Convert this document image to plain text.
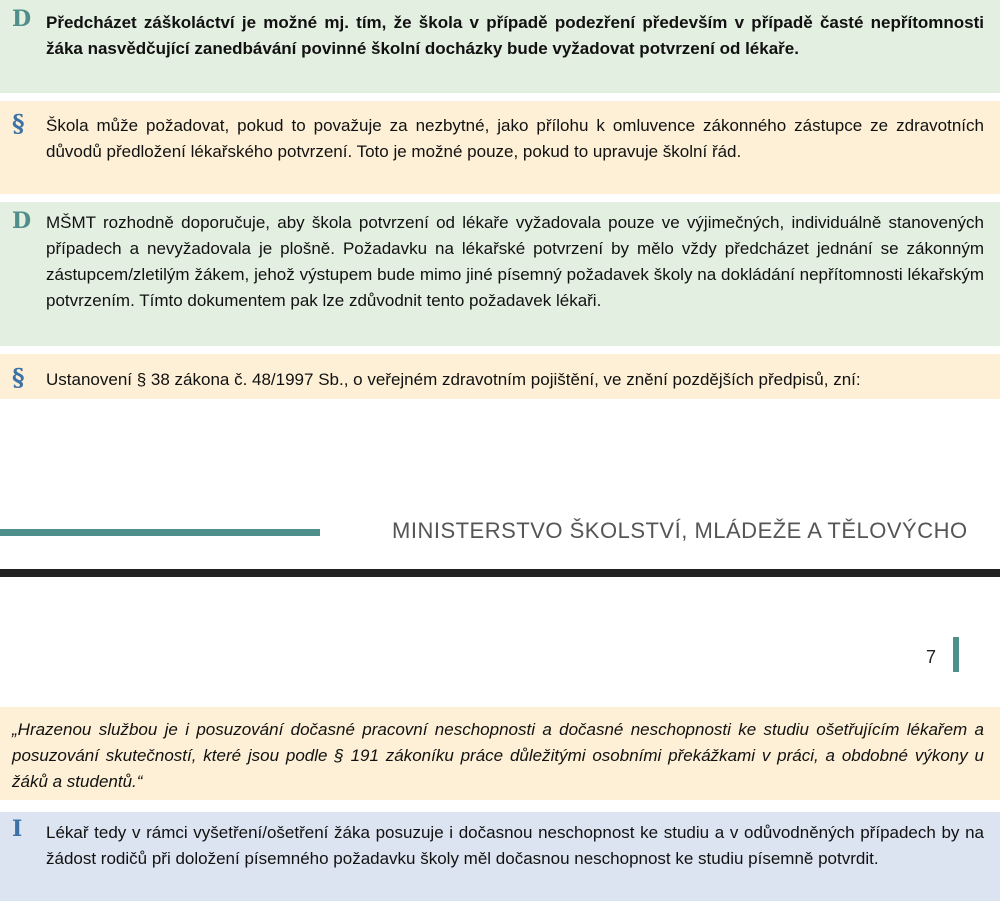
D Předcházet záškoláctví je možné mj. tím, že škola v případě podezření především v případě časté nepřítomnosti žáka nasvědčující zanedbávání povinné školní docházky bude vyžadovat potvrzení od lékaře.

§ Škola může požadovat, pokud to považuje za nezbytné, jako přílohu k omluvence zákonného zástupce ze zdravotních důvodů předložení lékařského potvrzení. Toto je možné pouze, pokud to upravuje školní řád.

D MŠMT rozhodně doporučuje, aby škola potvrzení od lékaře vyžadovala pouze ve výjimečných, individuálně stanovených případech a nevyžadovala je plošně. Požadavku na lékařské potvrzení by mělo vždy předcházet jednání se zákonným zástupcem/zletilým žákem, jehož výstupem bude mimo jiné písemný požadavek školy na dokládání nepřítomnosti lékařským potvrzením. Tímto dokumentem pak lze zdůvodnit tento požadavek lékaři.

§ Ustanovení § 38 zákona č. 48/1997 Sb., o veřejném zdravotním pojištění, ve znění pozdějších předpisů, zní:

MINISTERSTVO ŠKOLSTVÍ, MLÁDEŽE A TĚLOVÝCHO
7

„Hrazenou službou je i posuzování dočasné pracovní neschopnosti a dočasné neschopnosti ke studiu ošetřujícím lékařem a posuzování skutečností, které jsou podle § 191 zákoníku práce důležitými osobními překážkami v práci, a obdobné výkony u žáků a studentů.“

I Lékař tedy v rámci vyšetření/ošetření žáka posuzuje i dočasnou neschopnost ke studiu a v odůvodněných případech by na žádost rodičů při doložení písemného požadavku školy měl dočasnou neschopnost ke studiu písemně potvrdit.
